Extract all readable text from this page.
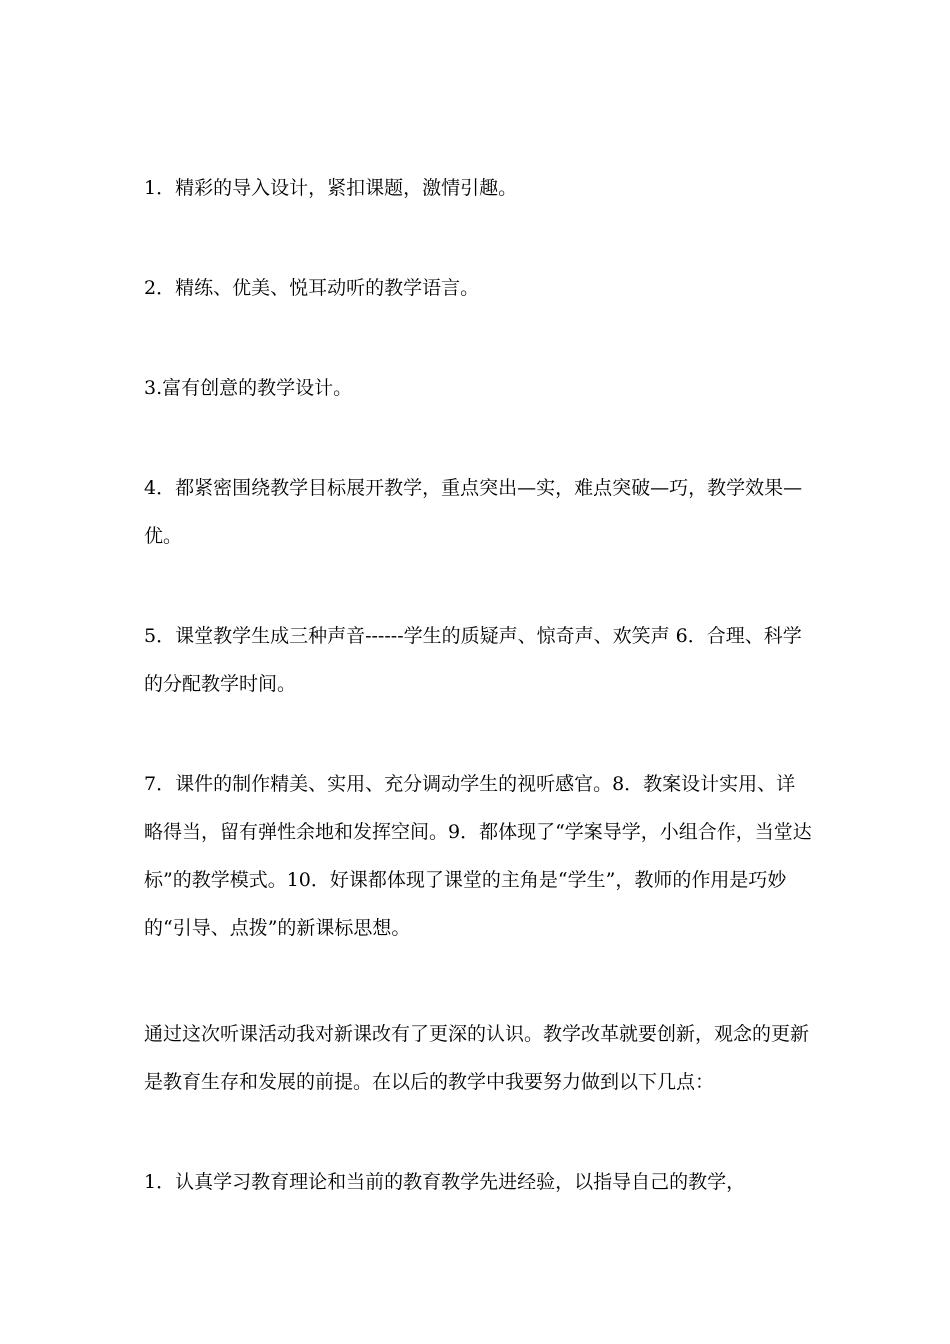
1．精彩的导入设计，紧扣课题，激情引趣。

2．精练、优美、悦耳动听的教学语言。

3.富有创意的教学设计。

4．都紧密围绕教学目标展开教学，重点突出—实，难点突破—巧，教学效果—优。

5．课堂教学生成三种声音------学生的质疑声、惊奇声、欢笑声 6．合理、科学的分配教学时间。

7．课件的制作精美、实用、充分调动学生的视听感官。8．教案设计实用、详略得当，留有弹性余地和发挥空间。9．都体现了“学案导学，小组合作，当堂达标”的教学模式。10．好课都体现了课堂的主角是“学生”，教师的作用是巧妙的“引导、点拨”的新课标思想。

通过这次听课活动我对新课改有了更深的认识。教学改革就要创新，观念的更新是教育生存和发展的前提。在以后的教学中我要努力做到以下几点：

1．认真学习教育理论和当前的教育教学先进经验，以指导自己的教学，
